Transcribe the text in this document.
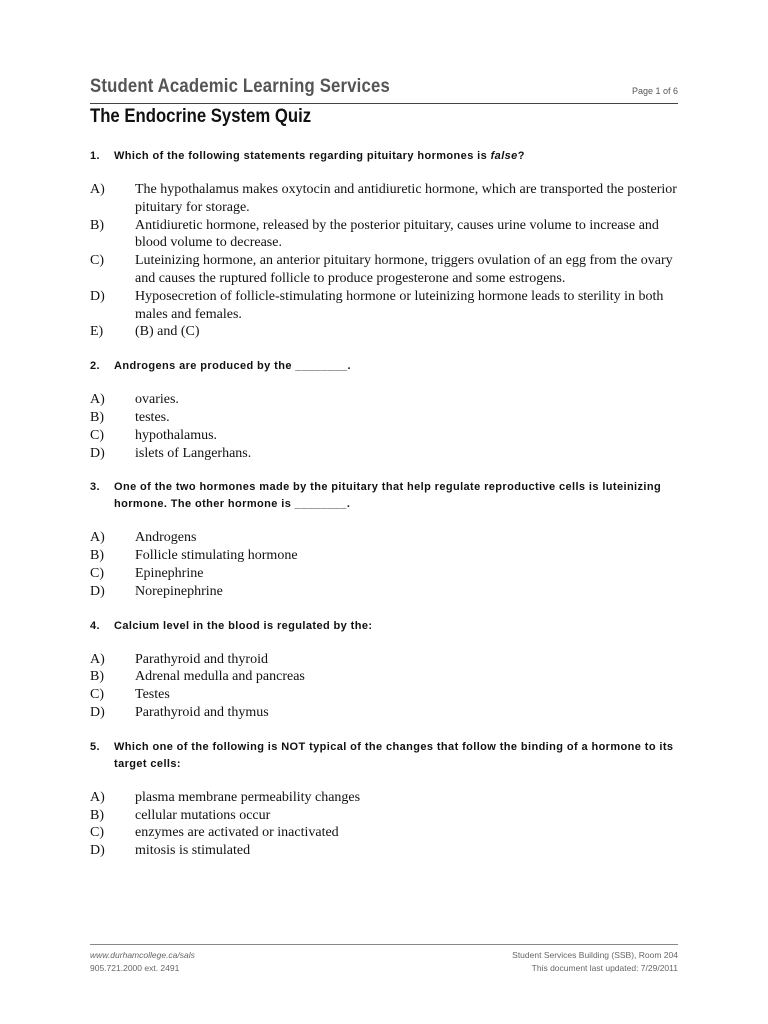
Student Academic Learning Services	Page 1 of 6
The Endocrine System Quiz

1. Which of the following statements regarding pituitary hormones is false?

A) The hypothalamus makes oxytocin and antidiuretic hormone, which are transported the posterior pituitary for storage.
B) Antidiuretic hormone, released by the posterior pituitary, causes urine volume to increase and blood volume to decrease.
C) Luteinizing hormone, an anterior pituitary hormone, triggers ovulation of an egg from the ovary and causes the ruptured follicle to produce progesterone and some estrogens.
D) Hyposecretion of follicle-stimulating hormone or luteinizing hormone leads to sterility in both males and females.
E) (B) and (C)

2. Androgens are produced by the ________.

A) ovaries.
B) testes.
C) hypothalamus.
D) islets of Langerhans.

3. One of the two hormones made by the pituitary that help regulate reproductive cells is luteinizing hormone. The other hormone is ________.

A) Androgens
B) Follicle stimulating hormone
C) Epinephrine
D) Norepinephrine

4. Calcium level in the blood is regulated by the:

A) Parathyroid and thyroid
B) Adrenal medulla and pancreas
C) Testes
D) Parathyroid and thymus

5. Which one of the following is NOT typical of the changes that follow the binding of a hormone to its target cells:

A) plasma membrane permeability changes
B) cellular mutations occur
C) enzymes are activated or inactivated
D) mitosis is stimulated
www.durhamcollege.ca/sals
905.721.2000 ext. 2491
Student Services Building (SSB), Room 204
This document last updated: 7/29/2011
